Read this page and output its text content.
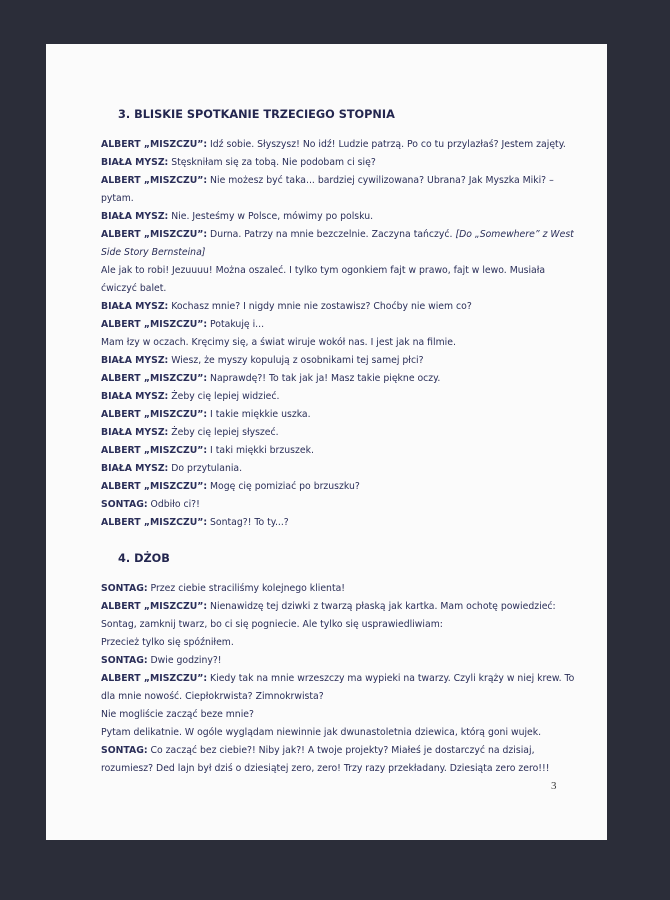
3. BLISKIE SPOTKANIE TRZECIEGO STOPNIA
ALBERT „MISZCZU”: Idź sobie. Słyszysz! No idź! Ludzie patrzą. Po co tu przylazłaś? Jestem zajęty.
BIAŁA MYSZ: Stęskniłam się za tobą. Nie podobam ci się?
ALBERT „MISZCZU”: Nie możesz być taka... bardziej cywilizowana? Ubrana? Jak Myszka Miki? –
pytam.
BIAŁA MYSZ: Nie. Jesteśmy w Polsce, mówimy po polsku.
ALBERT „MISZCZU”: Durna. Patrzy na mnie bezczelnie. Zaczyna tańczyć. [Do „Somewhere” z West
Side Story Bernsteina]
Ale jak to robi! Jezuuuu! Można oszaleć. I tylko tym ogonkiem fajt w prawo, fajt w lewo. Musiała
ćwiczyć balet.
BIAŁA MYSZ: Kochasz mnie? I nigdy mnie nie zostawisz? Choćby nie wiem co?
ALBERT „MISZCZU”: Potakuję i...
Mam łzy w oczach. Kręcimy się, a świat wiruje wokół nas. I jest jak na filmie.
BIAŁA MYSZ: Wiesz, że myszy kopulują z osobnikami tej samej płci?
ALBERT „MISZCZU”: Naprawdę?! To tak jak ja! Masz takie piękne oczy.
BIAŁA MYSZ: Żeby cię lepiej widzieć.
ALBERT „MISZCZU”: I takie miękkie uszka.
BIAŁA MYSZ: Żeby cię lepiej słyszeć.
ALBERT „MISZCZU”: I taki miękki brzuszek.
BIAŁA MYSZ: Do przytulania.
ALBERT „MISZCZU”: Mogę cię pomiziać po brzuszku?
SONTAG: Odbiło ci?!
ALBERT „MISZCZU”: Sontag?! To ty...?
4. DŻOB
SONTAG: Przez ciebie straciliśmy kolejnego klienta!
ALBERT „MISZCZU”: Nienawidzę tej dziwki z twarzą płaską jak kartka. Mam ochotę powiedzieć:
Sontag, zamknij twarz, bo ci się pogniecie. Ale tylko się usprawiedliwiam:
Przecież tylko się spóźniłem.
SONTAG: Dwie godziny?!
ALBERT „MISZCZU”: Kiedy tak na mnie wrzeszczy ma wypieki na twarzy. Czyli krąży w niej krew. To
dla mnie nowość. Ciepłokrwista? Zimnokrwista?
Nie mogliście zacząć beze mnie?
Pytam delikatnie. W ogóle wyglądam niewinnie jak dwunastoletnia dziewica, którą goni wujek.
SONTAG: Co zacząć bez ciebie?! Niby jak?! A twoje projekty? Miałeś je dostarczyć na dzisiaj,
rozumiesz? Ded lajn był dziś o dziesiątej zero, zero! Trzy razy przekładany. Dziesiąta zero zero!!!
3
